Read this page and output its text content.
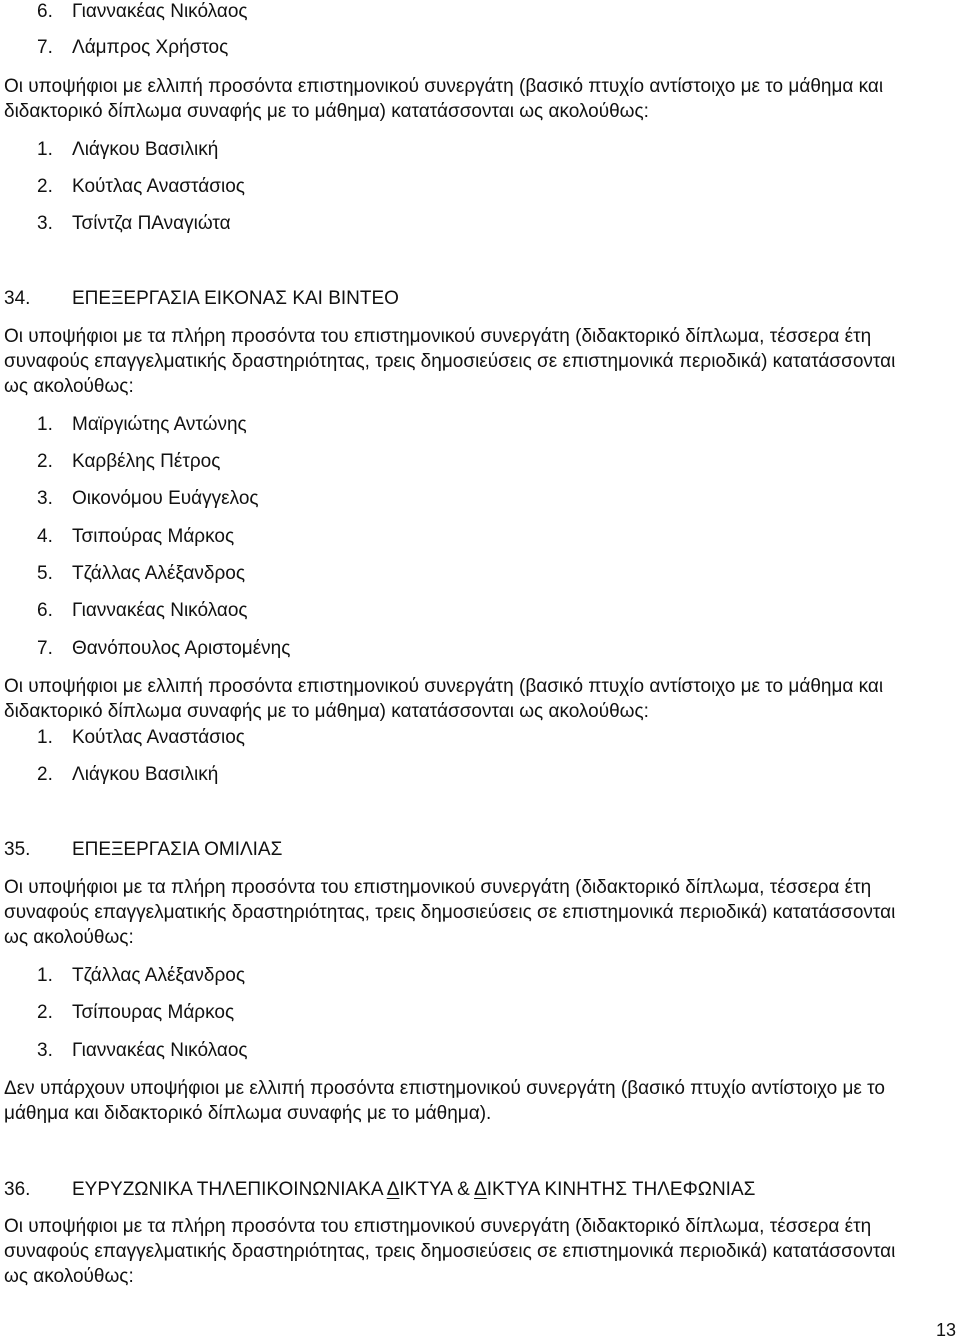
6. Γιαννακέας Νικόλαος
7. Λάμπρος Χρήστος
Οι υποψήφιοι με ελλιπή προσόντα επιστημονικού συνεργάτη (βασικό πτυχίο αντίστοιχο με το μάθημα και
διδακτορικό δίπλωμα συναφής με το μάθημα) κατατάσσονται ως ακολούθως:
1. Λιάγκου Βασιλική
2. Κούτλας Αναστάσιος
3. Τσίντζα ΠΑναγιώτα
34. ΕΠΕΞΕΡΓΑΣΙΑ ΕΙΚΟΝΑΣ ΚΑΙ ΒΙΝΤΕΟ
Οι υποψήφιοι με τα πλήρη προσόντα του επιστημονικού συνεργάτη (διδακτορικό δίπλωμα, τέσσερα έτη
συναφούς επαγγελματικής δραστηριότητας, τρεις δημοσιεύσεις σε επιστημονικά περιοδικά) κατατάσσονται
ως ακολούθως:
1. Μαϊργιώτης Αντώνης
2. Καρβέλης Πέτρος
3. Οικονόμου Ευάγγελος
4. Τσιπούρας Μάρκος
5. Τζάλλας Αλέξανδρος
6. Γιαννακέας Νικόλαος
7. Θανόπουλος Αριστομένης
Οι υποψήφιοι με ελλιπή προσόντα επιστημονικού συνεργάτη (βασικό πτυχίο αντίστοιχο με το μάθημα και
διδακτορικό δίπλωμα συναφής με το μάθημα) κατατάσσονται ως ακολούθως:
1. Κούτλας Αναστάσιος
2. Λιάγκου Βασιλική
35. ΕΠΕΞΕΡΓΑΣΙΑ ΟΜΙΛΙΑΣ
Οι υποψήφιοι με τα πλήρη προσόντα του επιστημονικού συνεργάτη (διδακτορικό δίπλωμα, τέσσερα έτη
συναφούς επαγγελματικής δραστηριότητας, τρεις δημοσιεύσεις σε επιστημονικά περιοδικά) κατατάσσονται
ως ακολούθως:
1. Τζάλλας Αλέξανδρος
2. Τσίπουρας Μάρκος
3. Γιαννακέας Νικόλαος
Δεν υπάρχουν υποψήφιοι με ελλιπή προσόντα επιστημονικού συνεργάτη (βασικό πτυχίο αντίστοιχο με το
μάθημα και διδακτορικό δίπλωμα συναφής με το μάθημα).
36. ΕΥΡΥΖΩΝΙΚΑ ΤΗΛΕΠΙΚΟΙΝΩΝΙΑΚΑ ΔΙΚΤΥΑ & ΔΙΚΤΥΑ ΚΙΝΗΤΗΣ ΤΗΛΕΦΩΝΙΑΣ
Οι υποψήφιοι με τα πλήρη προσόντα του επιστημονικού συνεργάτη (διδακτορικό δίπλωμα, τέσσερα έτη
συναφούς επαγγελματικής δραστηριότητας, τρεις δημοσιεύσεις σε επιστημονικά περιοδικά) κατατάσσονται
ως ακολούθως:
13
